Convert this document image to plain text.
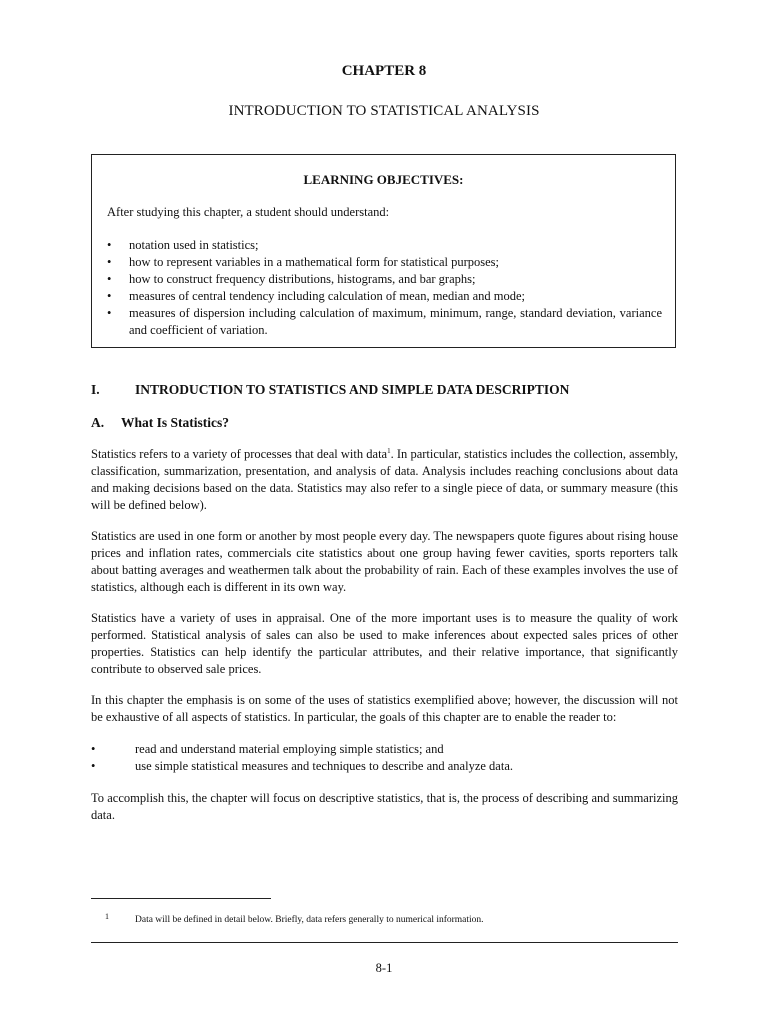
CHAPTER 8
INTRODUCTION TO STATISTICAL ANALYSIS
LEARNING OBJECTIVES:
After studying this chapter, a student should understand:
• notation used in statistics;
• how to represent variables in a mathematical form for statistical purposes;
• how to construct frequency distributions, histograms, and bar graphs;
• measures of central tendency including calculation of mean, median and mode;
• measures of dispersion including calculation of maximum, minimum, range, standard deviation, variance and coefficient of variation.
I.	INTRODUCTION TO STATISTICS AND SIMPLE DATA DESCRIPTION
A. What Is Statistics?

Statistics refers to a variety of processes that deal with data$^1$. In particular, statistics includes the collection, assembly, classification, summarization, presentation, and analysis of data. Analysis includes reaching conclusions about data and making decisions based on the data. Statistics may also refer to a single piece of data, or summary measure (this will be defined below).

Statistics are used in one form or another by most people every day. The newspapers quote figures about rising house prices and inflation rates, commercials cite statistics about one group having fewer cavities, sports reporters talk about batting averages and weathermen talk about the probability of rain. Each of these examples involves the use of statistics, although each is different in its own way.

Statistics have a variety of uses in appraisal. One of the more important uses is to measure the quality of work performed. Statistical analysis of sales can also be used to make inferences about expected sales prices of other properties. Statistics can help identify the particular attributes, and their relative importance, that significantly contribute to observed sale prices.

In this chapter the emphasis is on some of the uses of statistics exemplified above; however, the discussion will not be exhaustive of all aspects of statistics. In particular, the goals of this chapter are to enable the reader to:

•	read and understand material employing simple statistics; and
•	use simple statistical measures and techniques to describe and analyze data.

To accomplish this, the chapter will focus on descriptive statistics, that is, the process of describing and summarizing data.

1	Data will be defined in detail below. Briefly, data refers generally to numerical information.
8-1
